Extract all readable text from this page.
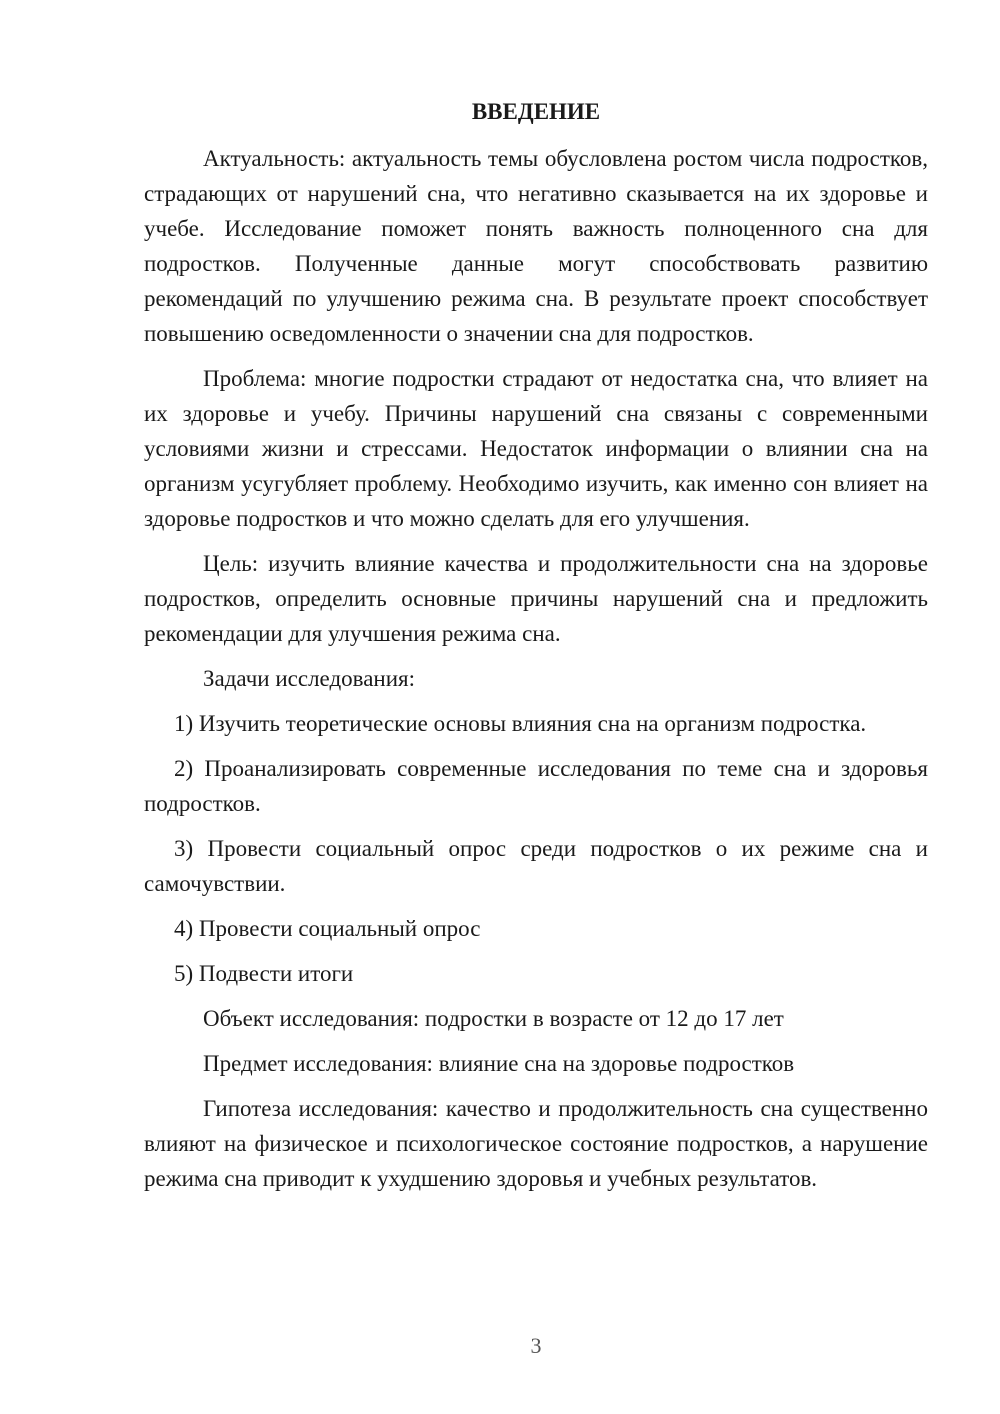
ВВЕДЕНИЕ

Актуальность: актуальность темы обусловлена ростом числа подростков, страдающих от нарушений сна, что негативно сказывается на их здоровье и учебе. Исследование поможет понять важность полноценного сна для подростков. Полученные данные могут способствовать развитию рекомендаций по улучшению режима сна. В результате проект способствует повышению осведомленности о значении сна для подростков.

Проблема: многие подростки страдают от недостатка сна, что влияет на их здоровье и учебу. Причины нарушений сна связаны с современными условиями жизни и стрессами. Недостаток информации о влиянии сна на организм усугубляет проблему. Необходимо изучить, как именно сон влияет на здоровье подростков и что можно сделать для его улучшения.

Цель: изучить влияние качества и продолжительности сна на здоровье подростков, определить основные причины нарушений сна и предложить рекомендации для улучшения режима сна.

Задачи исследования:

1) Изучить теоретические основы влияния сна на организм подростка.

2) Проанализировать современные исследования по теме сна и здоровья подростков.

3) Провести социальный опрос среди подростков о их режиме сна и самочувствии.

4) Провести социальный опрос

5) Подвести итоги

Объект исследования: подростки в возрасте от 12 до 17 лет

Предмет исследования: влияние сна на здоровье подростков

Гипотеза исследования: качество и продолжительность сна существенно влияют на физическое и психологическое состояние подростков, а нарушение режима сна приводит к ухудшению здоровья и учебных результатов.

3
